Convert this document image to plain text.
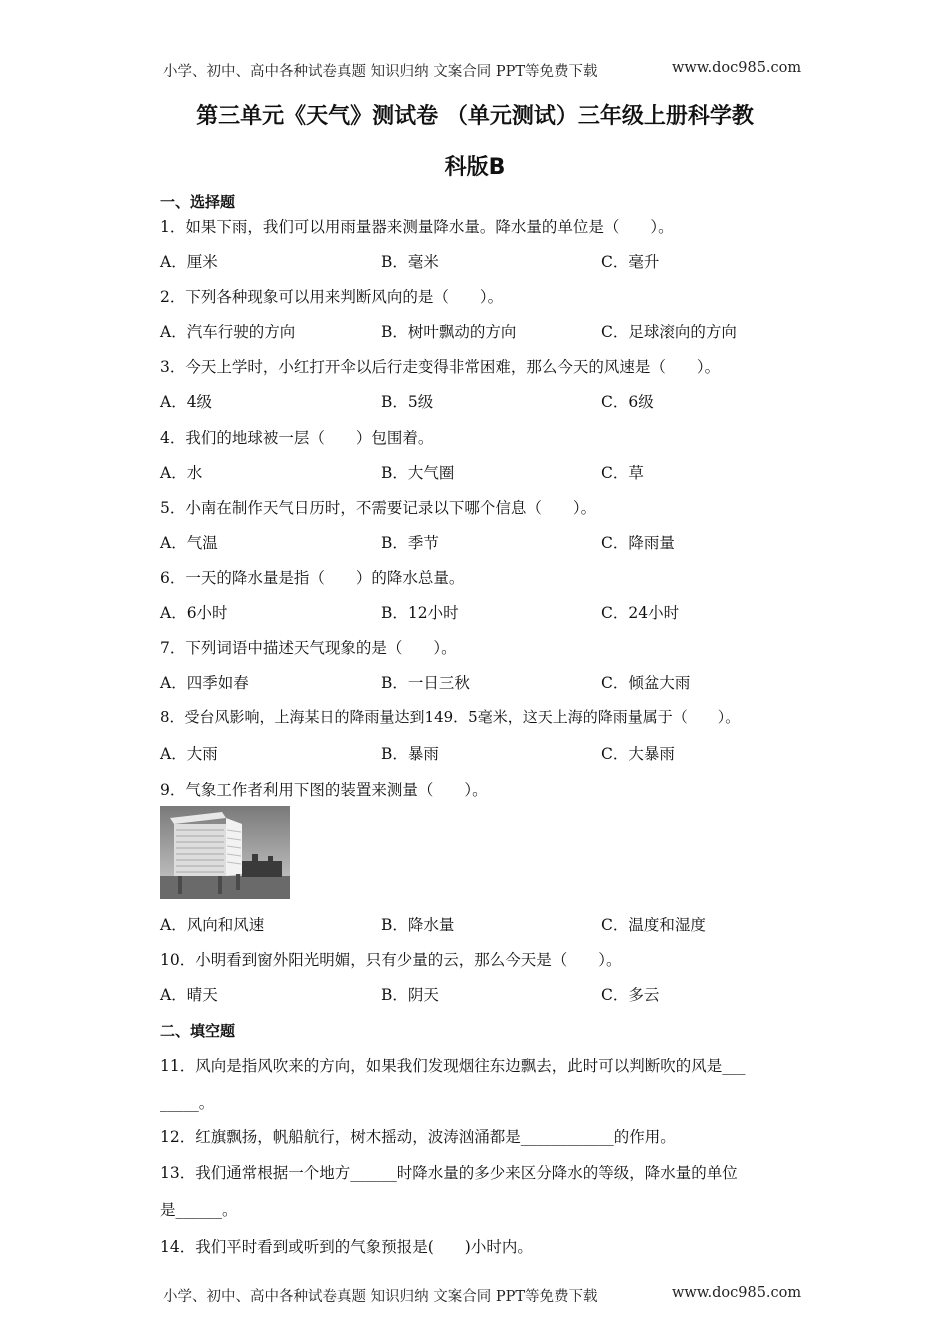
小学、初中、高中各种试卷真题 知识归纳 文案合同 PPT等免费下载	www.doc985.com
第三单元《天气》测试卷 （单元测试）三年级上册科学教
科版B
一、选择题
1．如果下雨，我们可以用雨量器来测量降水量。降水量的单位是（　　）。
A．厘米	B．毫米	C．毫升
2．下列各种现象可以用来判断风向的是（　　）。
A．汽车行驶的方向	B．树叶飘动的方向	C．足球滚向的方向
3．今天上学时，小红打开伞以后行走变得非常困难，那么今天的风速是（　　）。
A．4级	B．5级	C．6级
4．我们的地球被一层（　　）包围着。
A．水	B．大气圈	C．草
5．小南在制作天气日历时，不需要记录以下哪个信息（　　）。
A．气温	B．季节	C．降雨量
6．一天的降水量是指（　　）的降水总量。
A．6小时	B．12小时	C．24小时
7．下列词语中描述天气现象的是（　　）。
A．四季如春	B．一日三秋	C．倾盆大雨
8．受台风影响，上海某日的降雨量达到149．5毫米，这天上海的降雨量属于（　　）。
A．大雨	B．暴雨	C．大暴雨
9．气象工作者利用下图的装置来测量（　　）。
A．风向和风速	B．降水量	C．温度和湿度
10．小明看到窗外阳光明媚，只有少量的云，那么今天是（　　）。
A．晴天	B．阴天	C．多云
二、填空题
11．风向是指风吹来的方向，如果我们发现烟往东边飘去，此时可以判断吹的风是___
_____。
12．红旗飘扬，帆船航行，树木摇动，波涛汹涌都是____________的作用。
13．我们通常根据一个地方______时降水量的多少来区分降水的等级，降水量的单位
是______。
14．我们平时看到或听到的气象预报是(　　)小时内。
小学、初中、高中各种试卷真题 知识归纳 文案合同 PPT等免费下载	www.doc985.com
